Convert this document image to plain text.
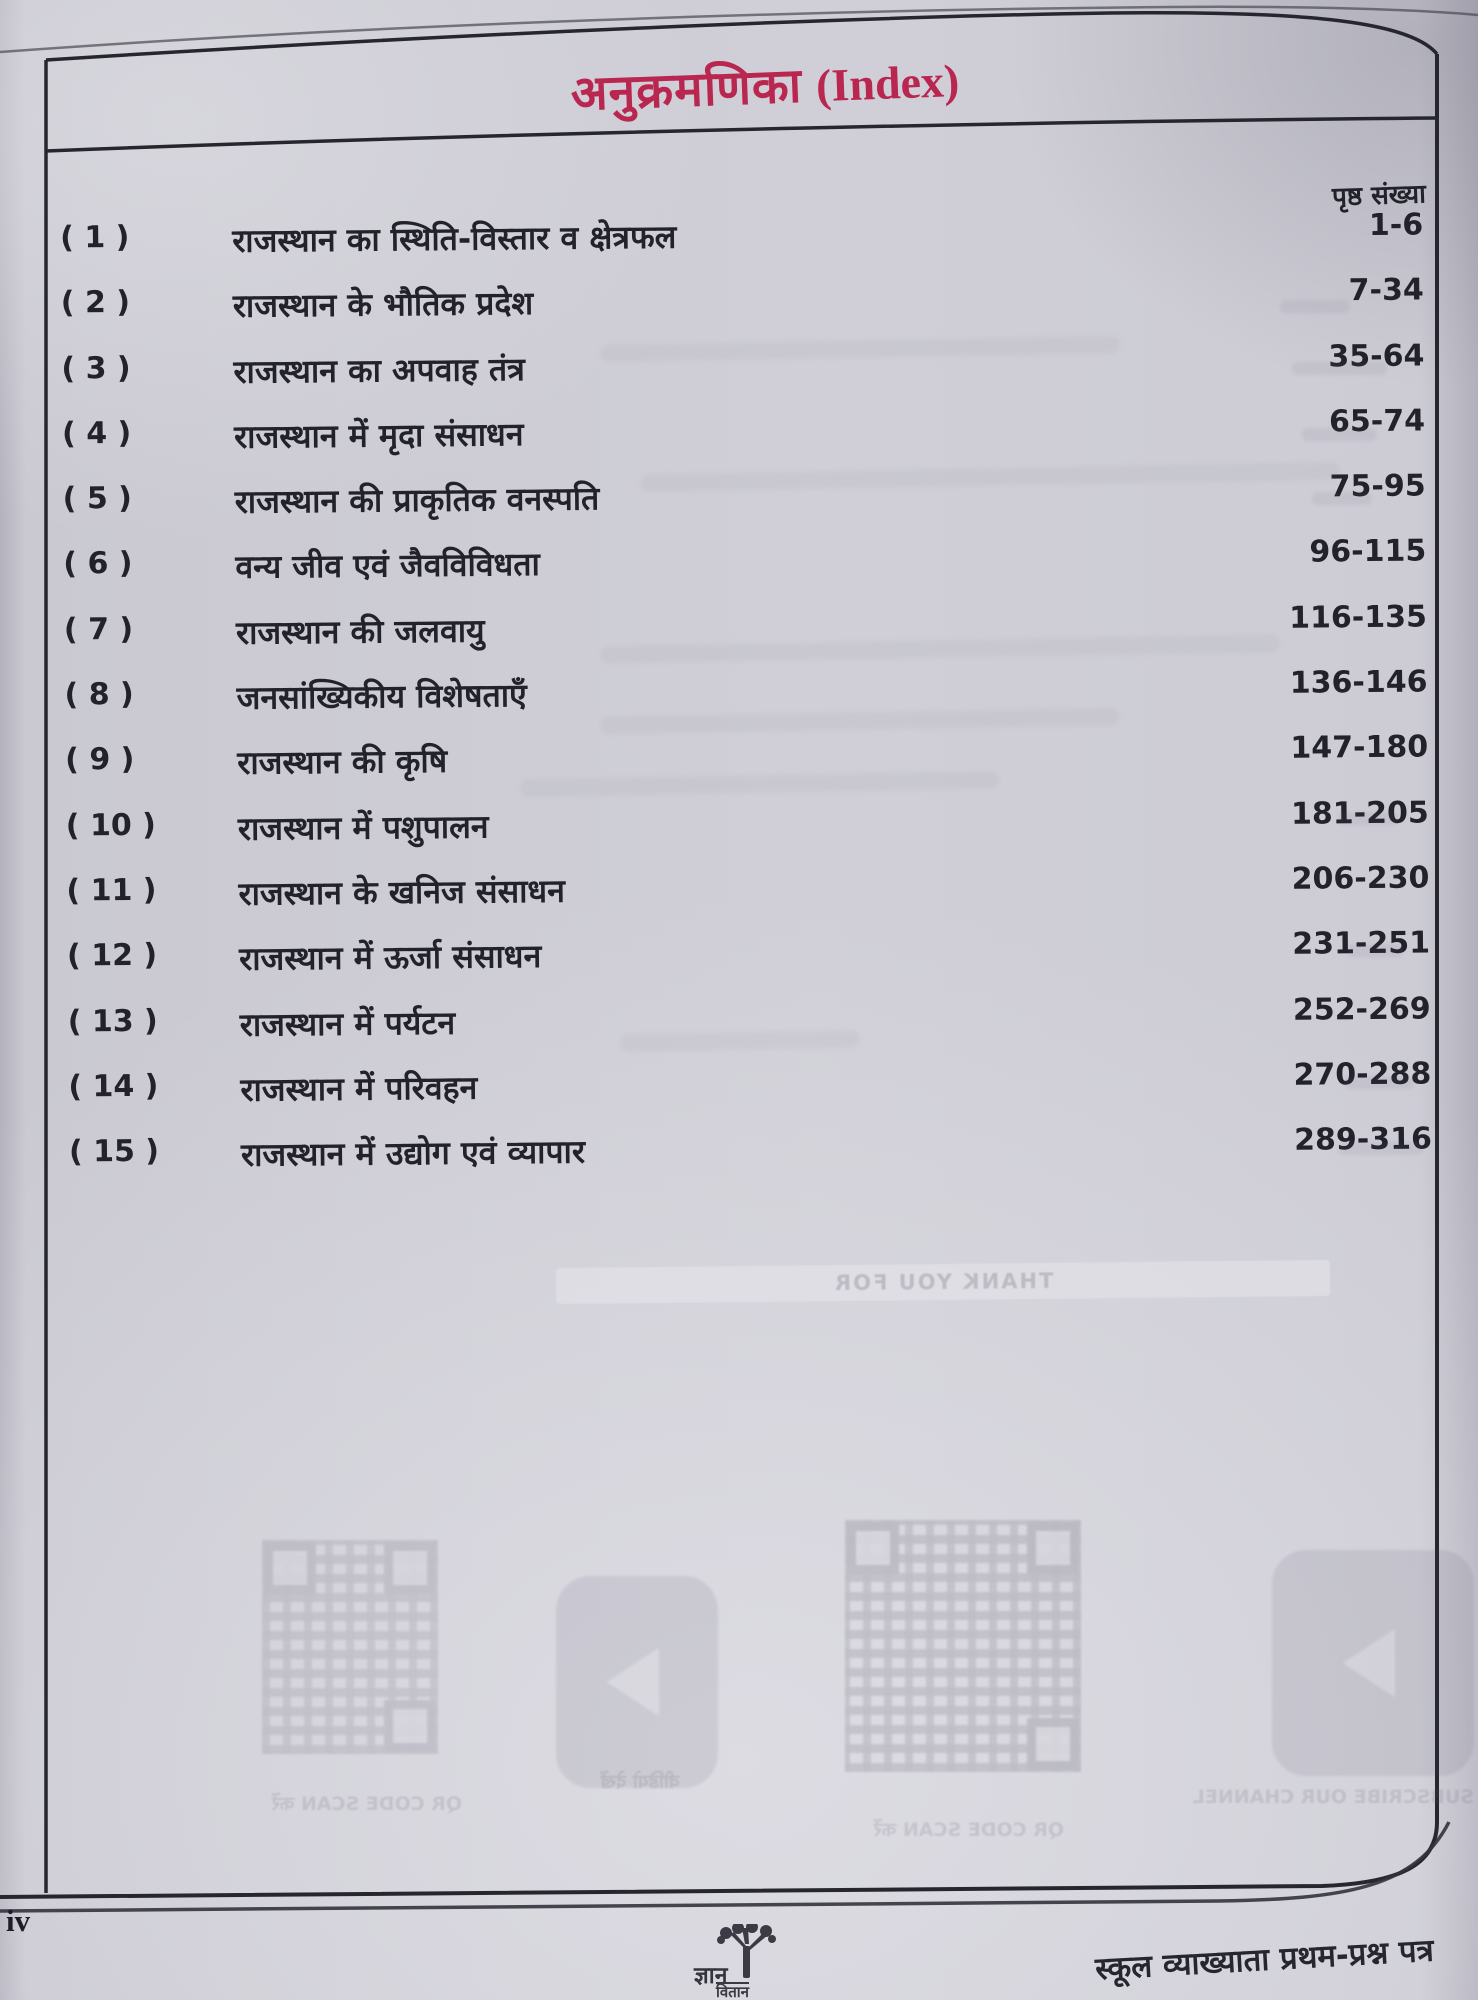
अनुक्रमणिका (Index)
पृष्ठ संख्या
( 1 )	राजस्थान का स्थिति-विस्तार व क्षेत्रफल	1-6
( 2 )	राजस्थान के भौतिक प्रदेश	7-34
( 3 )	राजस्थान का अपवाह तंत्र	35-64
( 4 )	राजस्थान में मृदा संसाधन	65-74
( 5 )	राजस्थान की प्राकृतिक वनस्पति	75-95
( 6 )	वन्य जीव एवं जैवविविधता	96-115
( 7 )	राजस्थान की जलवायु	116-135
( 8 )	जनसांख्यिकीय विशेषताएँ	136-146
( 9 )	राजस्थान की कृषि	147-180
( 10 )	राजस्थान में पशुपालन	181-205
( 11 )	राजस्थान के खनिज संसाधन	206-230
( 12 )	राजस्थान में ऊर्जा संसाधन	231-251
( 13 )	राजस्थान में पर्यटन	252-269
( 14 )	राजस्थान में परिवहन	270-288
( 15 )	राजस्थान में उद्योग एवं व्यापार	289-316
THANK YOU FOR
QR CODE SCAN करें
वीडियो देखें
QR CODE SCAN करें
SUBSCRIBE OUR CHANNEL
iv
ज्ञान
वितान
स्कूल व्याख्याता प्रथम-प्रश्न पत्र
